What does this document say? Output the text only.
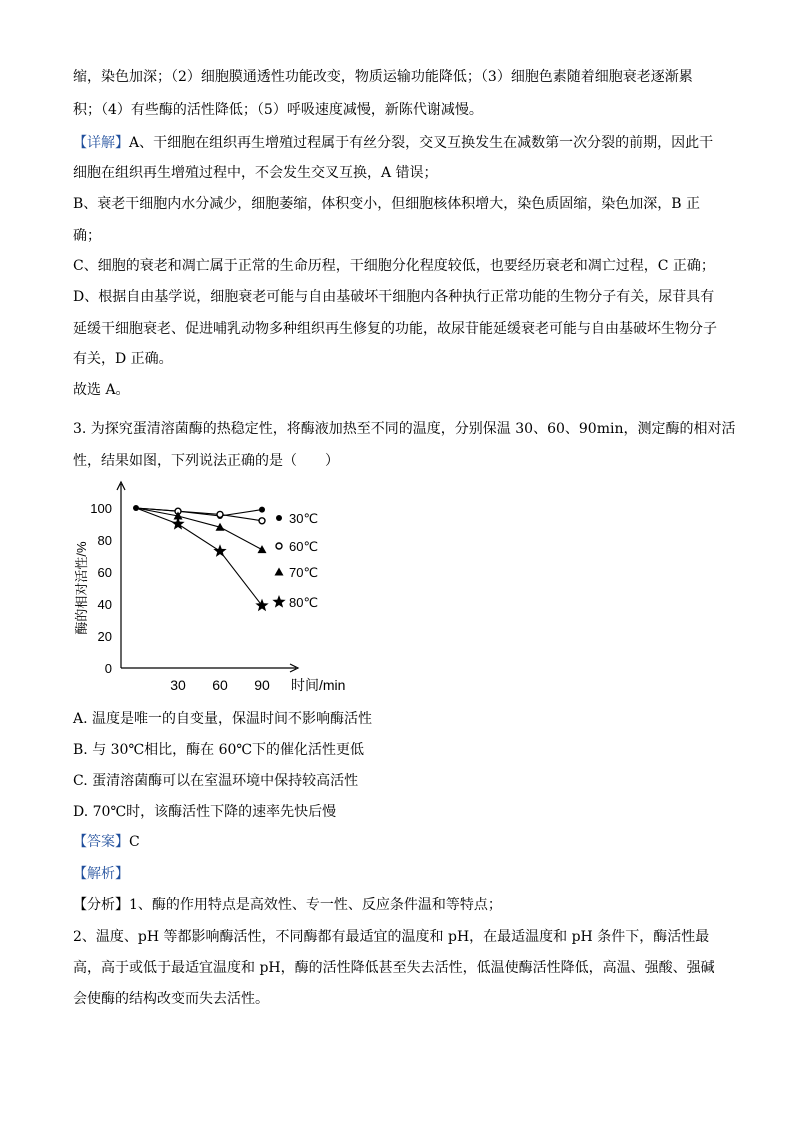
缩，染色加深；（2）细胞膜通透性功能改变，物质运输功能降低；（3）细胞色素随着细胞衰老逐渐累
积；（4）有些酶的活性降低；（5）呼吸速度减慢，新陈代谢减慢。
【详解】A、干细胞在组织再生增殖过程属于有丝分裂，交叉互换发生在减数第一次分裂的前期，因此干
细胞在组织再生增殖过程中，不会发生交叉互换，A 错误；
B、衰老干细胞内水分减少，细胞萎缩，体积变小，但细胞核体积增大，染色质固缩，染色加深，B 正
确；
C、细胞的衰老和凋亡属于正常的生命历程，干细胞分化程度较低，也要经历衰老和凋亡过程，C 正确；
D、根据自由基学说，细胞衰老可能与自由基破坏干细胞内各种执行正常功能的生物分子有关，尿苷具有
延缓干细胞衰老、促进哺乳动物多种组织再生修复的功能，故尿苷能延缓衰老可能与自由基破坏生物分子
有关，D 正确。
故选 A。
3. 为探究蛋清溶菌酶的热稳定性，将酶液加热至不同的温度，分别保温 30、60、90min，测定酶的相对活
性，结果如图，下列说法正确的是（　　）
0
20
40
60
80
100
30 60 90 时间/min
酶的相对活性/%
30℃
60℃
70℃
80℃
A. 温度是唯一的自变量，保温时间不影响酶活性
B. 与 30℃相比，酶在 60℃下的催化活性更低
C. 蛋清溶菌酶可以在室温环境中保持较高活性
D. 70℃时，该酶活性下降的速率先快后慢
【答案】C
【解析】
【分析】1、酶的作用特点是高效性、专一性、反应条件温和等特点；
2、温度、pH 等都影响酶活性，不同酶都有最适宜的温度和 pH，在最适温度和 pH 条件下，酶活性最
高，高于或低于最适宜温度和 pH，酶的活性降低甚至失去活性，低温使酶活性降低，高温、强酸、强碱
会使酶的结构改变而失去活性。
